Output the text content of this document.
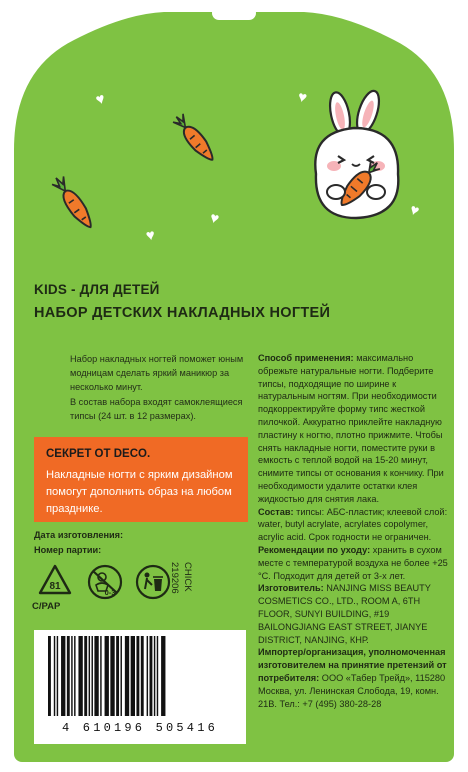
♥	♥
♥
♥	♥
KIDS - ДЛЯ ДЕТЕЙ
НАБОР ДЕТСКИХ НАКЛАДНЫХ НОГТЕЙ

Набор накладных ногтей поможет юным модницам сделать яркий маникюр за несколько минут.

В состав набора входят самоклеящиеся типсы (24 шт. в 12 размерах).

СЕКРЕТ ОТ DECO.
Накладные ногти с ярким дизайном помогут дополнить образ на любом празднике.
Дата изготовления:
Номер партии:
81
C/PAP
0-3
CHICK
219206

Способ применения: максимально обрежьте натуральные ногти. Подберите типсы, подходящие по ширине к натуральным ногтям. При необходимости подкорректируйте форму типс жесткой пилочкой. Аккуратно приклейте накладную пластину к ногтю, плотно прижмите. Чтобы снять накладные ногти, поместите руки в емкость с теплой водой на 15-20 минут, снимите типсы от основания к кончику. При необходимости удалите остатки клея жидкостью для снятия лака.

Состав: типсы: АБС-пластик; клеевой слой: water, butyl acrylate, acrylates copolymer, acrylic acid. Срок годности не ограничен.

Рекомендации по уходу: хранить в сухом месте с температурой воздуха не более +25 °С. Подходит для детей от 3-х лет.

Изготовитель: NANJING MISS BEAUTY COSMETICS CO., LTD., ROOM A, 6TH FLOOR, SUNYI BUILDING, #19 BAILONGJIANG EAST STREET, JIANYE DISTRICT, NANJING, КНР.

Импортер/организация, уполномоченная изготовителем на принятие претензий от потребителя: ООО «Табер Трейд», 115280 Москва, ул. Ленинская Слобода, 19, комн. 21В. Тел.: +7 (495) 380-28-28

4 610196 505416
